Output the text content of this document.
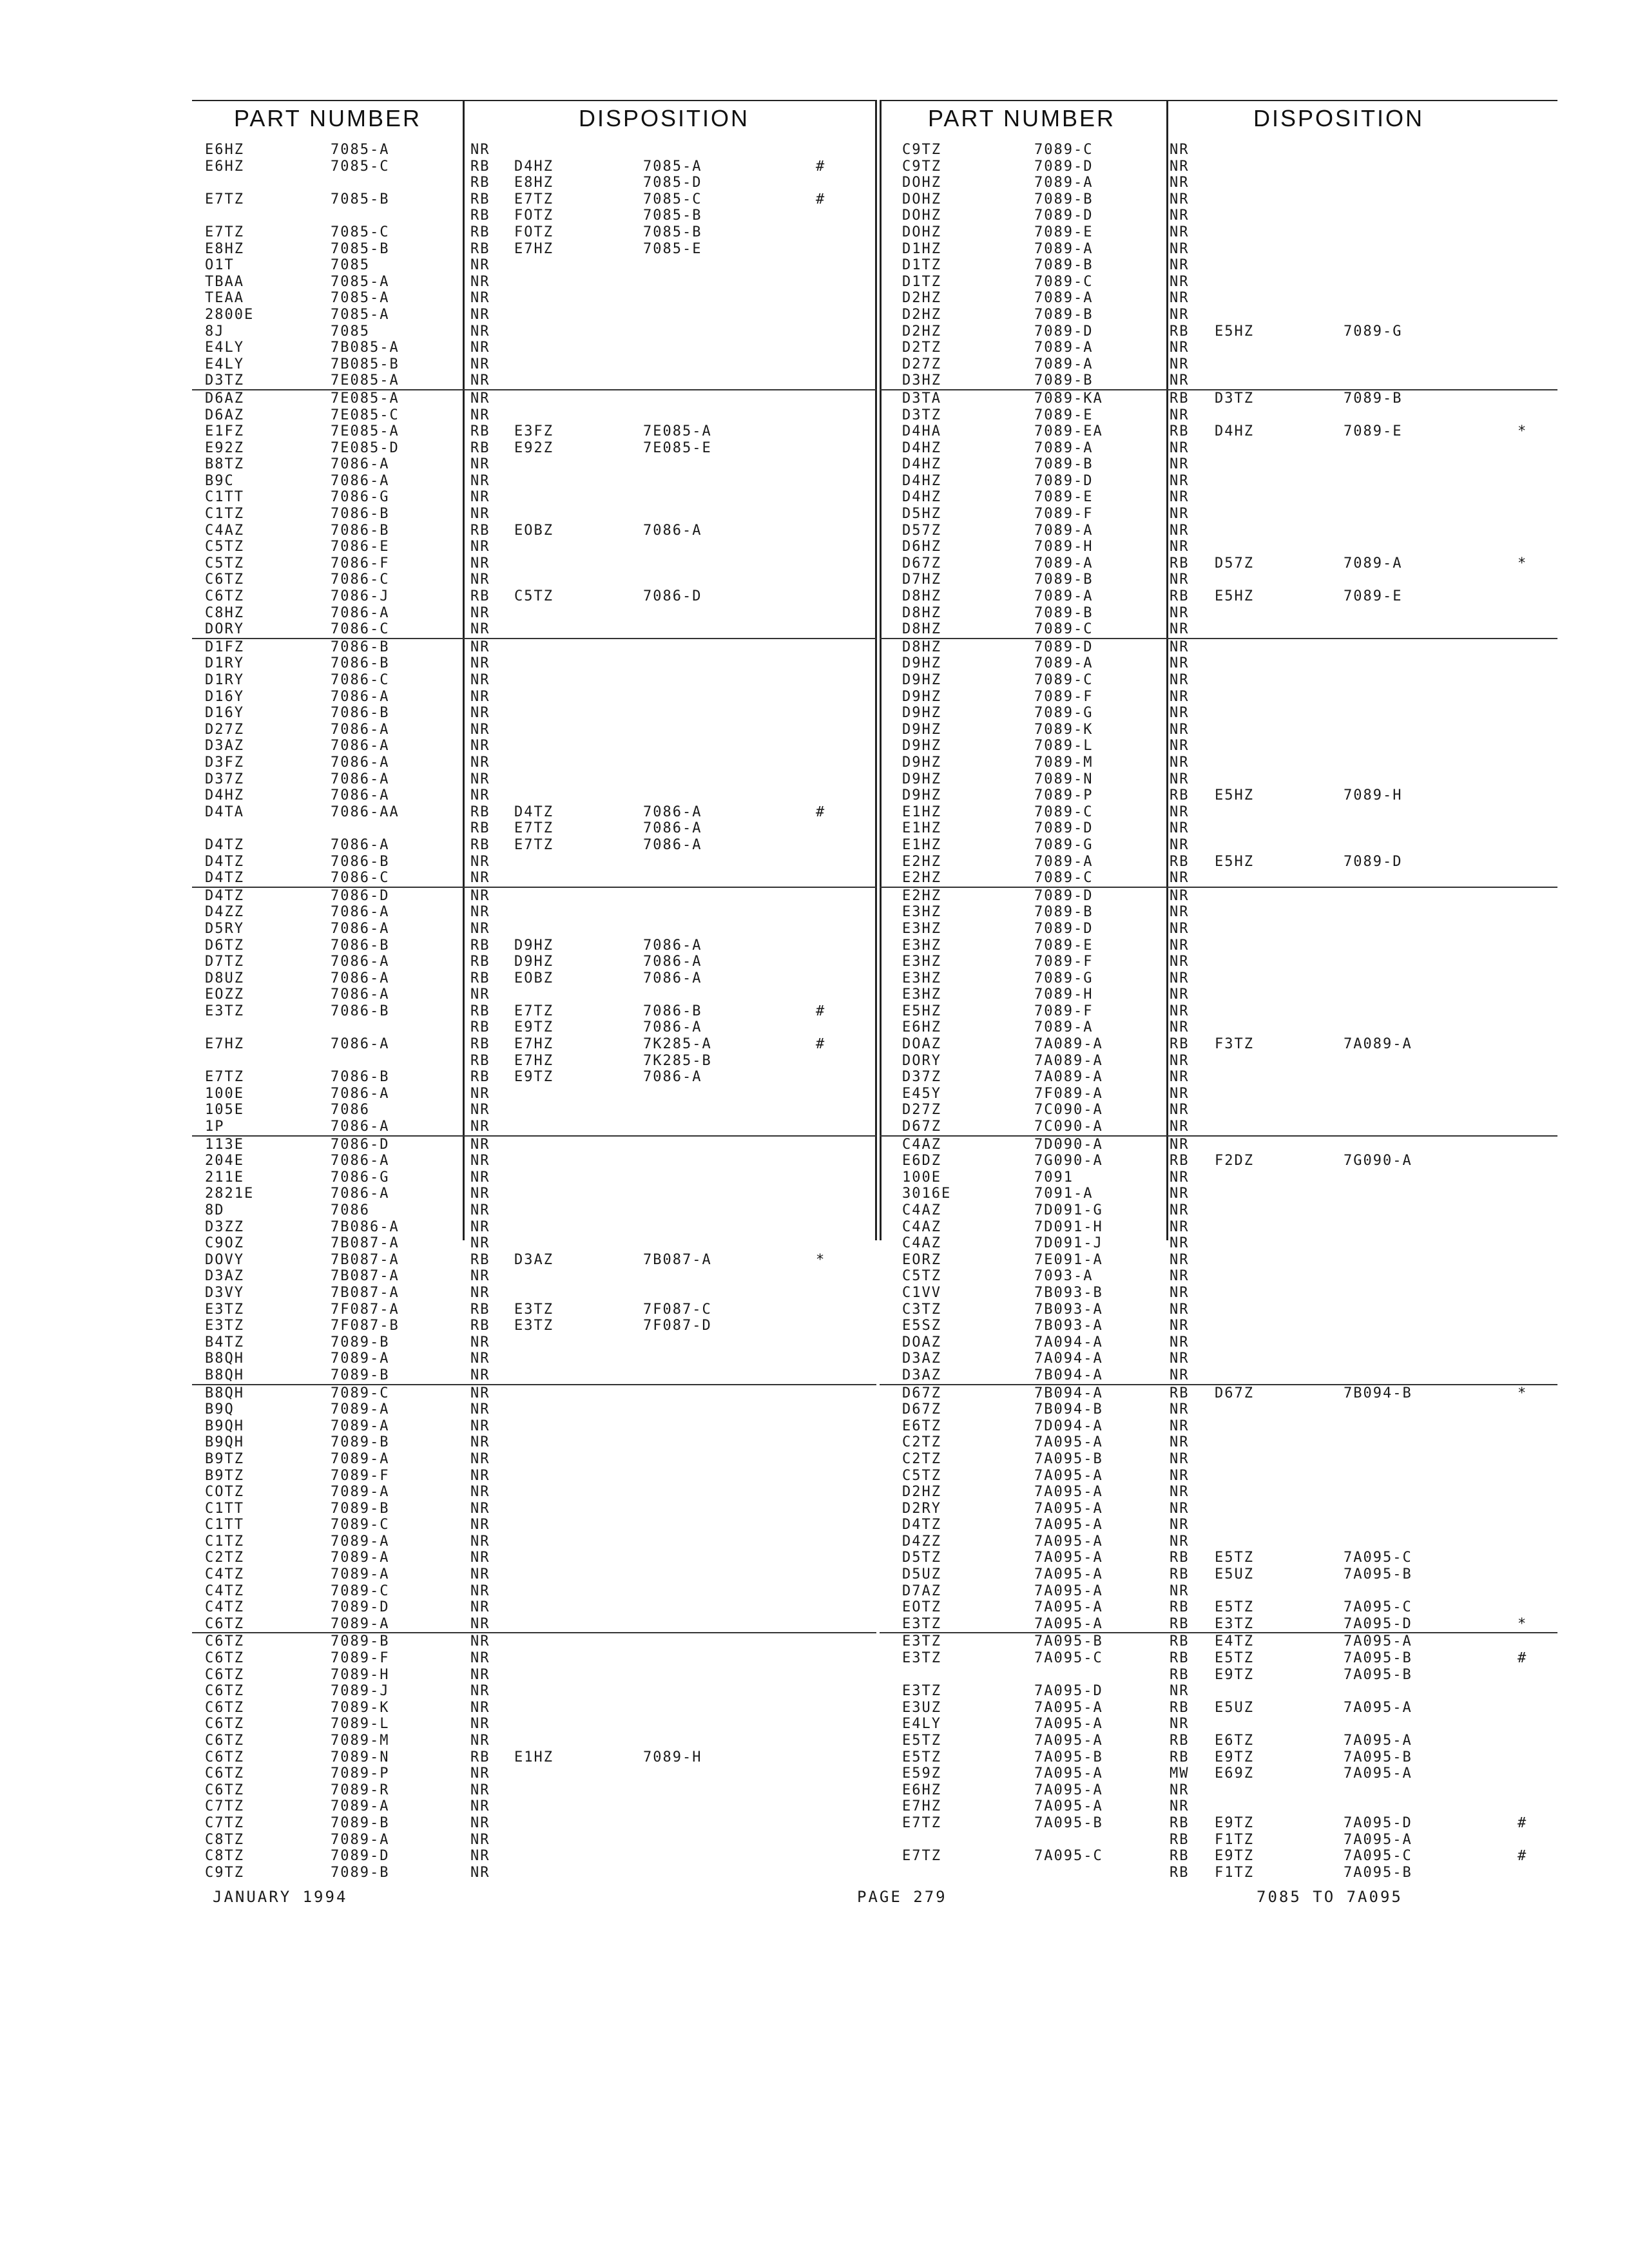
PART NUMBER	DISPOSITION
E6HZ	7085-A	NR
E6HZ	7085-C	RB D4HZ	7085-A	#
RB E8HZ	7085-D
E7TZ	7085-B	RB E7TZ	7085-C	#
RB FOTZ	7085-B
E7TZ	7085-C	RB FOTZ	7085-B
E8HZ	7085-B	RB E7HZ	7085-E
O1T	7085	NR
TBAA	7085-A	NR
TEAA	7085-A	NR
2800E	7085-A	NR
8J	7085	NR
E4LY	7B085-A	NR
E4LY	7B085-B	NR
D3TZ	7E085-A	NR
D6AZ	7E085-A	NR
D6AZ	7E085-C	NR
E1FZ	7E085-A	RB E3FZ	7E085-A
E92Z	7E085-D	RB E92Z	7E085-E
B8TZ	7086-A	NR
B9C	7086-A	NR
C1TT	7086-G	NR
C1TZ	7086-B	NR
C4AZ	7086-B	RB EOBZ	7086-A
C5TZ	7086-E	NR
C5TZ	7086-F	NR
C6TZ	7086-C	NR
C6TZ	7086-J	RB C5TZ	7086-D
C8HZ	7086-A	NR
DORY	7086-C	NR
D1FZ	7086-B	NR
D1RY	7086-B	NR
D1RY	7086-C	NR
D16Y	7086-A	NR
D16Y	7086-B	NR
D27Z	7086-A	NR
D3AZ	7086-A	NR
D3FZ	7086-A	NR
D37Z	7086-A	NR
D4HZ	7086-A	NR
D4TA	7086-AA	RB D4TZ	7086-A	#
RB E7TZ	7086-A
D4TZ	7086-A	RB E7TZ	7086-A
D4TZ	7086-B	NR
D4TZ	7086-C	NR
D4TZ	7086-D	NR
D4ZZ	7086-A	NR
D5RY	7086-A	NR
D6TZ	7086-B	RB D9HZ	7086-A
D7TZ	7086-A	RB D9HZ	7086-A
D8UZ	7086-A	RB EOBZ	7086-A
EOZZ	7086-A	NR
E3TZ	7086-B	RB E7TZ	7086-B	#
RB E9TZ	7086-A
E7HZ	7086-A	RB E7HZ	7K285-A	#
RB E7HZ	7K285-B
E7TZ	7086-B	RB E9TZ	7086-A
100E	7086-A	NR
105E	7086	NR
1P	7086-A	NR
113E	7086-D	NR
204E	7086-A	NR
211E	7086-G	NR
2821E	7086-A	NR
8D	7086	NR
D3ZZ	7B086-A	NR
C9OZ	7B087-A	NR
DOVY	7B087-A	RB D3AZ	7B087-A	*
D3AZ	7B087-A	NR
D3VY	7B087-A	NR
E3TZ	7F087-A	RB E3TZ	7F087-C
E3TZ	7F087-B	RB E3TZ	7F087-D
B4TZ	7089-B	NR
B8QH	7089-A	NR
B8QH	7089-B	NR
B8QH	7089-C	NR
B9Q	7089-A	NR
B9QH	7089-A	NR
B9QH	7089-B	NR
B9TZ	7089-A	NR
B9TZ	7089-F	NR
COTZ	7089-A	NR
C1TT	7089-B	NR
C1TT	7089-C	NR
C1TZ	7089-A	NR
C2TZ	7089-A	NR
C4TZ	7089-A	NR
C4TZ	7089-C	NR
C4TZ	7089-D	NR
C6TZ	7089-A	NR
C6TZ	7089-B	NR
C6TZ	7089-F	NR
C6TZ	7089-H	NR
C6TZ	7089-J	NR
C6TZ	7089-K	NR
C6TZ	7089-L	NR
C6TZ	7089-M	NR
C6TZ	7089-N	RB E1HZ	7089-H
C6TZ	7089-P	NR
C6TZ	7089-R	NR
C7TZ	7089-A	NR
C7TZ	7089-B	NR
C8TZ	7089-A	NR
C8TZ	7089-D	NR
C9TZ	7089-B	NR
PART NUMBER	DISPOSITION
C9TZ	7089-C	NR
C9TZ	7089-D	NR
DOHZ	7089-A	NR
DOHZ	7089-B	NR
DOHZ	7089-D	NR
DOHZ	7089-E	NR
D1HZ	7089-A	NR
D1TZ	7089-B	NR
D1TZ	7089-C	NR
D2HZ	7089-A	NR
D2HZ	7089-B	NR
D2HZ	7089-D	RB E5HZ	7089-G
D2TZ	7089-A	NR
D27Z	7089-A	NR
D3HZ	7089-B	NR
D3TA	7089-KA	RB D3TZ	7089-B
D3TZ	7089-E	NR
D4HA	7089-EA	RB D4HZ	7089-E	*
D4HZ	7089-A	NR
D4HZ	7089-B	NR
D4HZ	7089-D	NR
D4HZ	7089-E	NR
D5HZ	7089-F	NR
D57Z	7089-A	NR
D6HZ	7089-H	NR
D67Z	7089-A	RB D57Z	7089-A	*
D7HZ	7089-B	NR
D8HZ	7089-A	RB E5HZ	7089-E
D8HZ	7089-B	NR
D8HZ	7089-C	NR
D8HZ	7089-D	NR
D9HZ	7089-A	NR
D9HZ	7089-C	NR
D9HZ	7089-F	NR
D9HZ	7089-G	NR
D9HZ	7089-K	NR
D9HZ	7089-L	NR
D9HZ	7089-M	NR
D9HZ	7089-N	NR
D9HZ	7089-P	RB E5HZ	7089-H
E1HZ	7089-C	NR
E1HZ	7089-D	NR
E1HZ	7089-G	NR
E2HZ	7089-A	RB E5HZ	7089-D
E2HZ	7089-C	NR
E2HZ	7089-D	NR
E3HZ	7089-B	NR
E3HZ	7089-D	NR
E3HZ	7089-E	NR
E3HZ	7089-F	NR
E3HZ	7089-G	NR
E3HZ	7089-H	NR
E5HZ	7089-F	NR
E6HZ	7089-A	NR
DOAZ	7A089-A	RB F3TZ	7A089-A
DORY	7A089-A	NR
D37Z	7A089-A	NR
E45Y	7F089-A	NR
D27Z	7C090-A	NR
D67Z	7C090-A	NR
C4AZ	7D090-A	NR
E6DZ	7G090-A	RB F2DZ	7G090-A
100E	7091	NR
3016E	7091-A	NR
C4AZ	7D091-G	NR
C4AZ	7D091-H	NR
C4AZ	7D091-J	NR
EORZ	7E091-A	NR
C5TZ	7093-A	NR
C1VV	7B093-B	NR
C3TZ	7B093-A	NR
E5SZ	7B093-A	NR
DOAZ	7A094-A	NR
D3AZ	7A094-A	NR
D3AZ	7B094-A	NR
D67Z	7B094-A	RB D67Z	7B094-B	*
D67Z	7B094-B	NR
E6TZ	7D094-A	NR
C2TZ	7A095-A	NR
C2TZ	7A095-B	NR
C5TZ	7A095-A	NR
D2HZ	7A095-A	NR
D2RY	7A095-A	NR
D4TZ	7A095-A	NR
D4ZZ	7A095-A	NR
D5TZ	7A095-A	RB E5TZ	7A095-C
D5UZ	7A095-A	RB E5UZ	7A095-B
D7AZ	7A095-A	NR
EOTZ	7A095-A	RB E5TZ	7A095-C
E3TZ	7A095-A	RB E3TZ	7A095-D	*
E3TZ	7A095-B	RB E4TZ	7A095-A
E3TZ	7A095-C	RB E5TZ	7A095-B	#
RB E9TZ	7A095-B
E3TZ	7A095-D	NR
E3UZ	7A095-A	RB E5UZ	7A095-A
E4LY	7A095-A	NR
E5TZ	7A095-A	RB E6TZ	7A095-A
E5TZ	7A095-B	RB E9TZ	7A095-B
E59Z	7A095-A	MW E69Z	7A095-A
E6HZ	7A095-A	NR
E7HZ	7A095-A	NR
E7TZ	7A095-B	RB E9TZ	7A095-D	#
RB F1TZ	7A095-A
E7TZ	7A095-C	RB E9TZ	7A095-C	#
RB F1TZ	7A095-B
JANUARY 1994	PAGE 279	7085 TO 7A095
